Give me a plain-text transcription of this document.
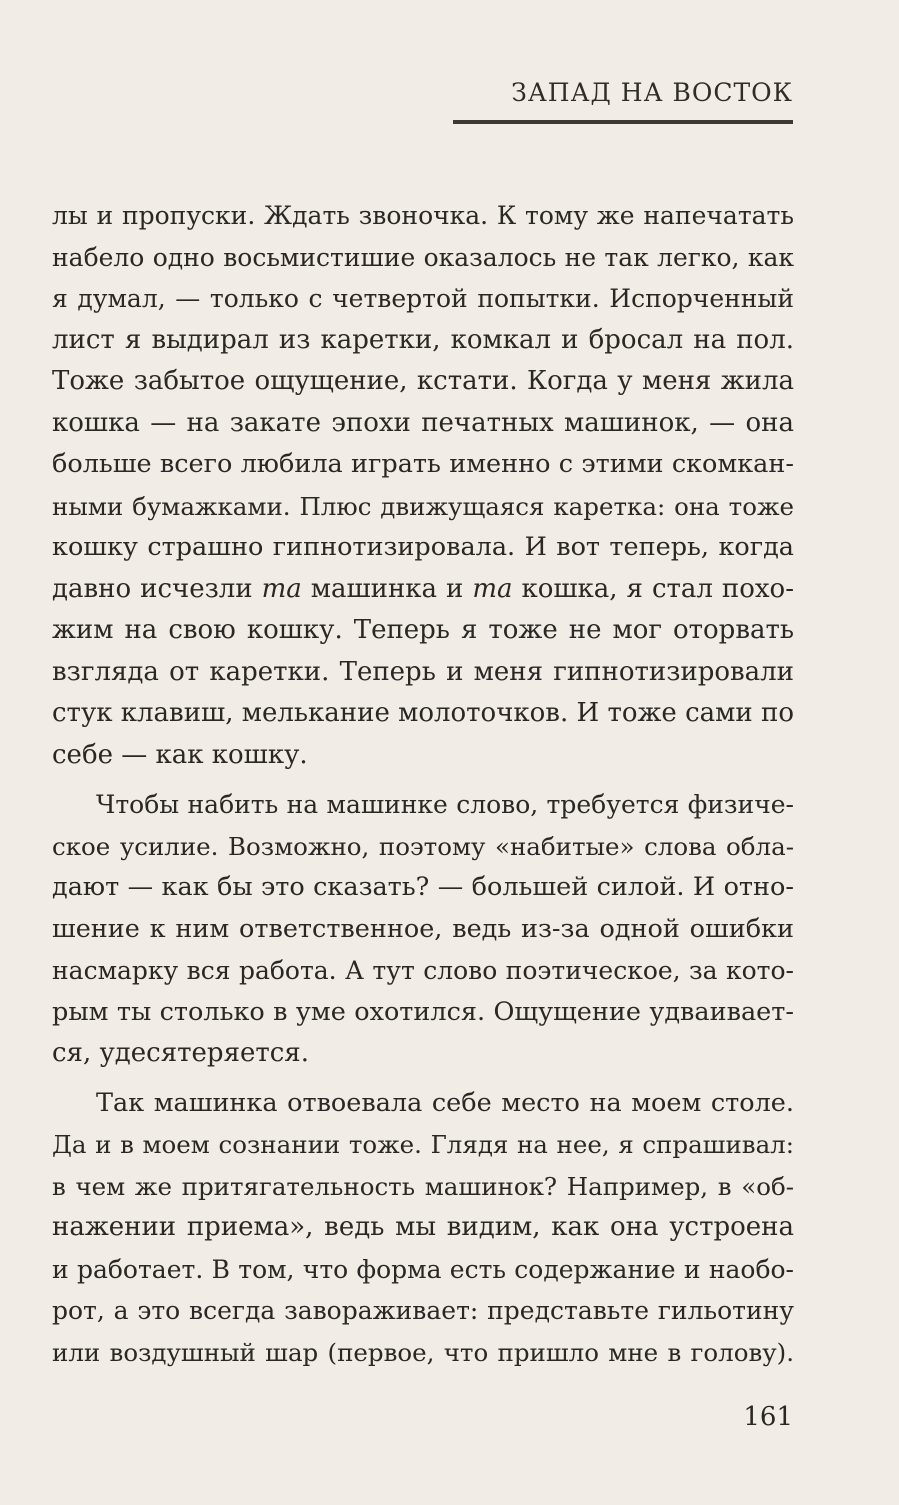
ЗАПАД НА ВОСТОК
лы и пропуски. Ждать звоночка. К тому же напечатать
набело одно восьмистишие оказалось не так легко, как
я думал, — только с четвертой попытки. Испорченный
лист я выдирал из каретки, комкал и бросал на пол.
Тоже забытое ощущение, кстати. Когда у меня жила
кошка — на закате эпохи печатных машинок, — она
больше всего любила играть именно с этими скомкан-
ными бумажками. Плюс движущаяся каретка: она тоже
кошку страшно гипнотизировала. И вот теперь, когда
давно исчезли та машинка и та кошка, я стал похо-
жим на свою кошку. Теперь я тоже не мог оторвать
взгляда от каретки. Теперь и меня гипнотизировали
стук клавиш, мелькание молоточков. И тоже сами по
себе — как кошку.
Чтобы набить на машинке слово, требуется физиче-
ское усилие. Возможно, поэтому «набитые» слова обла-
дают — как бы это сказать? — большей силой. И отно-
шение к ним ответственное, ведь из-за одной ошибки
насмарку вся работа. А тут слово поэтическое, за кото-
рым ты столько в уме охотился. Ощущение удваивает-
ся, удесятеряется.
Так машинка отвоевала себе место на моем столе.
Да и в моем сознании тоже. Глядя на нее, я спрашивал:
в чем же притягательность машинок? Например, в «об-
нажении приема», ведь мы видим, как она устроена
и работает. В том, что форма есть содержание и наобо-
рот, а это всегда завораживает: представьте гильотину
или воздушный шар (первое, что пришло мне в голову).
161
